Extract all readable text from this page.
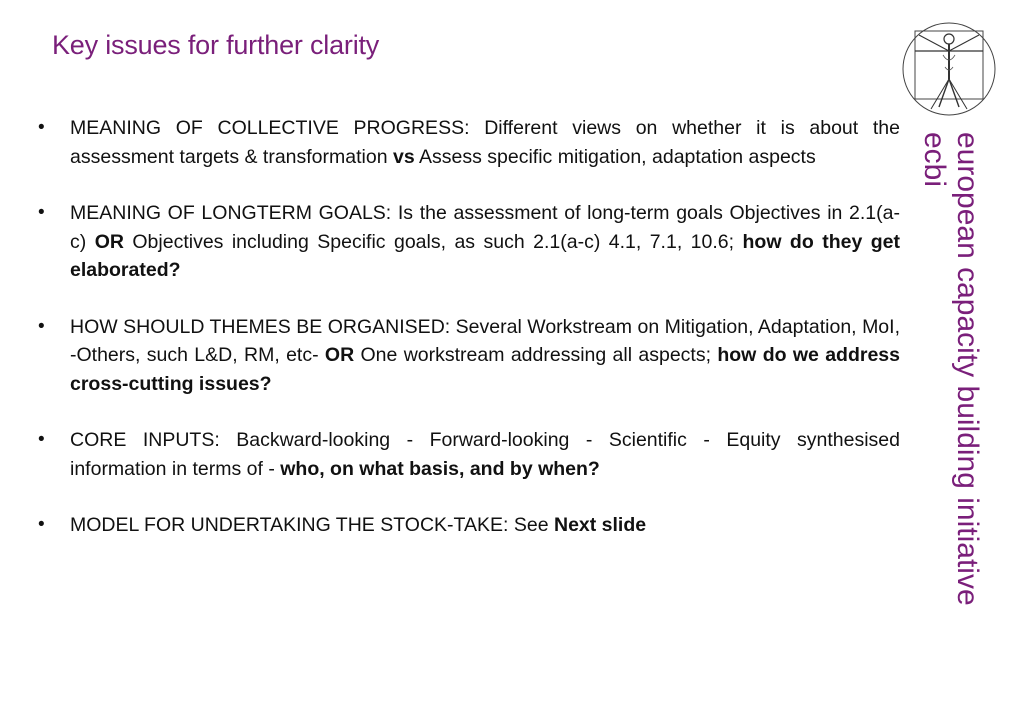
Key issues for further clarity
• MEANING OF COLLECTIVE PROGRESS: Different views on whether it is about the assessment targets & transformation vs Assess specific mitigation, adaptation aspects
• MEANING OF LONGTERM GOALS: Is the assessment of long-term goals Objectives in 2.1(a-c) OR Objectives including Specific goals, as such 2.1(a-c) 4.1, 7.1, 10.6; how do they get elaborated?
• HOW SHOULD THEMES BE ORGANISED: Several Workstream on Mitigation, Adaptation, MoI, -Others, such L&D, RM, etc- OR One workstream addressing all aspects; how do we address cross-cutting issues?
• CORE INPUTS: Backward-looking - Forward-looking - Scientific - Equity synthesised information in terms of - who, on what basis, and by when?
• MODEL FOR UNDERTAKING THE STOCK-TAKE: See Next slide	european capacity building initiative
ecbi
